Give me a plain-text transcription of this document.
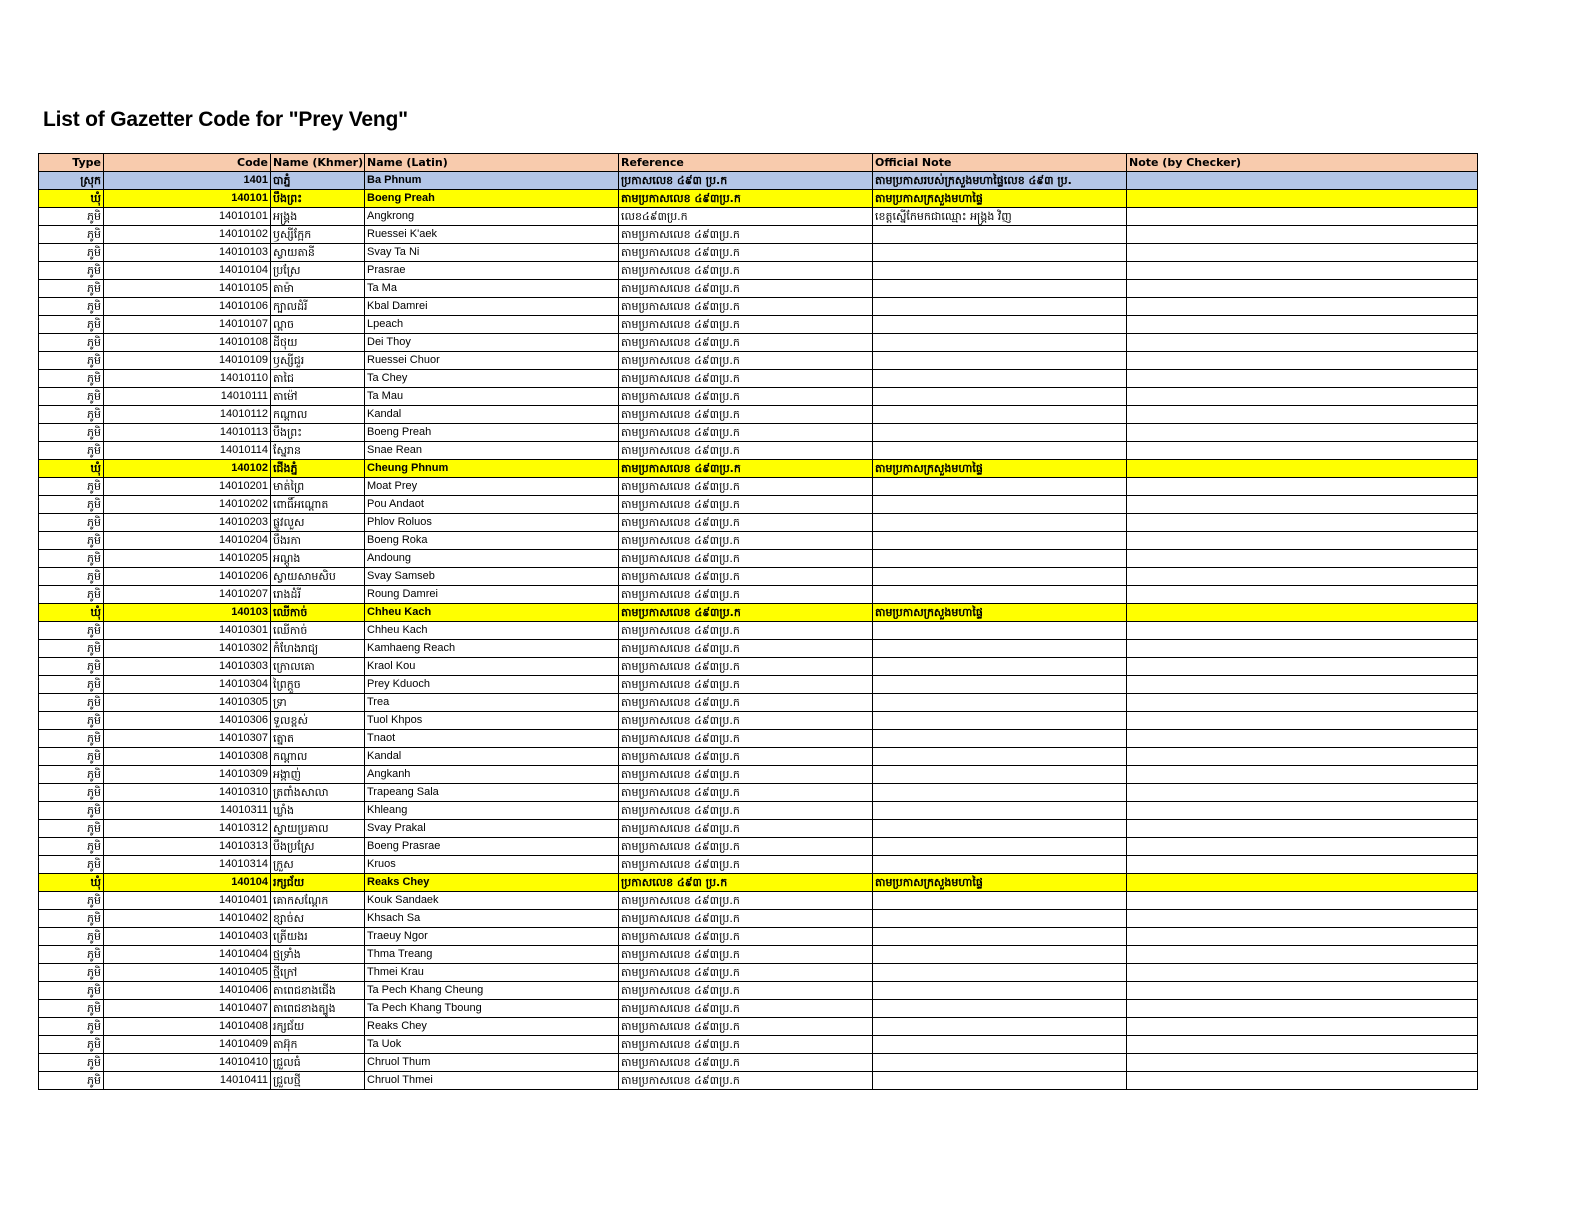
List of Gazetter Code for "Prey Veng"
Type	Code	Name (Khmer)	Name (Latin)	Reference	Official Note	Note (by Checker)
ស្រុក	1401	បាភ្នំ	Ba Phnum	ប្រកាសលេខ ៤៩៣ ប្រ.ក	តាមប្រកាសរបស់ក្រសួងមហាផ្ទៃលេខ ៤៩៣ ប្រ.	
ឃុំ	140101	បឹងព្រះ	Boeng Preah	តាមប្រកាសលេខ ៤៩៣ប្រ.ក	តាមប្រកាសក្រសួងមហាផ្ទៃ	
ភូមិ	14010101	អង្គ្រង	Angkrong	លេខ៤៩៣ប្រ.ក	ខេត្តស្នើកែមកជាឈ្មោះ អង្គ្រង វិញ	
ភូមិ	14010102	ឫស្សីក្អែក	Ruessei K'aek	តាមប្រកាសលេខ ៤៩៣ប្រ.ក		
ភូមិ	14010103	ស្វាយតានី	Svay Ta Ni	តាមប្រកាសលេខ ៤៩៣ប្រ.ក		
ភូមិ	14010104	ប្រស្រែ	Prasrae	តាមប្រកាសលេខ ៤៩៣ប្រ.ក		
ភូមិ	14010105	តាម៉ា	Ta Ma	តាមប្រកាសលេខ ៤៩៣ប្រ.ក		
ភូមិ	14010106	ក្បាលដំរី	Kbal Damrei	តាមប្រកាសលេខ ៤៩៣ប្រ.ក		
ភូមិ	14010107	ល្ពាច	Lpeach	តាមប្រកាសលេខ ៤៩៣ប្រ.ក		
ភូមិ	14010108	ដីថុយ	Dei Thoy	តាមប្រកាសលេខ ៤៩៣ប្រ.ក		
ភូមិ	14010109	ឫស្សីជួរ	Ruessei Chuor	តាមប្រកាសលេខ ៤៩៣ប្រ.ក		
ភូមិ	14010110	តាជៃ	Ta Chey	តាមប្រកាសលេខ ៤៩៣ប្រ.ក		
ភូមិ	14010111	តាម៉ៅ	Ta Mau	តាមប្រកាសលេខ ៤៩៣ប្រ.ក		
ភូមិ	14010112	កណ្ដាល	Kandal	តាមប្រកាសលេខ ៤៩៣ប្រ.ក		
ភូមិ	14010113	បឹងព្រះ	Boeng Preah	តាមប្រកាសលេខ ៤៩៣ប្រ.ក		
ភូមិ	14010114	ស្នែរាន	Snae Rean	តាមប្រកាសលេខ ៤៩៣ប្រ.ក		
ឃុំ	140102	ជើងភ្នំ	Cheung Phnum	តាមប្រកាសលេខ ៤៩៣ប្រ.ក	តាមប្រកាសក្រសួងមហាផ្ទៃ	
ភូមិ	14010201	មាត់ព្រៃ	Moat Prey	តាមប្រកាសលេខ ៤៩៣ប្រ.ក		
ភូមិ	14010202	ពោធិ៍អណ្ដោត	Pou Andaot	តាមប្រកាសលេខ ៤៩៣ប្រ.ក		
ភូមិ	14010203	ផ្លូវលួស	Phlov Roluos	តាមប្រកាសលេខ ៤៩៣ប្រ.ក		
ភូមិ	14010204	បឹងរកា	Boeng Roka	តាមប្រកាសលេខ ៤៩៣ប្រ.ក		
ភូមិ	14010205	អណ្ដូង	Andoung	តាមប្រកាសលេខ ៤៩៣ប្រ.ក		
ភូមិ	14010206	ស្វាយសាមសិប	Svay Samseb	តាមប្រកាសលេខ ៤៩៣ប្រ.ក		
ភូមិ	14010207	រោងដំរី	Roung Damrei	តាមប្រកាសលេខ ៤៩៣ប្រ.ក		
ឃុំ	140103	ឈើកាច់	Chheu Kach	តាមប្រកាសលេខ ៤៩៣ប្រ.ក	តាមប្រកាសក្រសួងមហាផ្ទៃ	
ភូមិ	14010301	ឈើកាច់	Chheu Kach	តាមប្រកាសលេខ ៤៩៣ប្រ.ក		
ភូមិ	14010302	កំហែងរាជ្យ	Kamhaeng Reach	តាមប្រកាសលេខ ៤៩៣ប្រ.ក		
ភូមិ	14010303	ក្រោលគោ	Kraol Kou	តាមប្រកាសលេខ ៤៩៣ប្រ.ក		
ភូមិ	14010304	ព្រៃក្ដួច	Prey Kduoch	តាមប្រកាសលេខ ៤៩៣ប្រ.ក		
ភូមិ	14010305	ទ្រា	Trea	តាមប្រកាសលេខ ៤៩៣ប្រ.ក		
ភូមិ	14010306	ទួលខ្ពស់	Tuol Khpos	តាមប្រកាសលេខ ៤៩៣ប្រ.ក		
ភូមិ	14010307	ត្នោត	Tnaot	តាមប្រកាសលេខ ៤៩៣ប្រ.ក		
ភូមិ	14010308	កណ្ដាល	Kandal	តាមប្រកាសលេខ ៤៩៣ប្រ.ក		
ភូមិ	14010309	អង្កាញ់	Angkanh	តាមប្រកាសលេខ ៤៩៣ប្រ.ក		
ភូមិ	14010310	ត្រពាំងសាលា	Trapeang Sala	តាមប្រកាសលេខ ៤៩៣ប្រ.ក		
ភូមិ	14010311	ឃ្លាំង	Khleang	តាមប្រកាសលេខ ៤៩៣ប្រ.ក		
ភូមិ	14010312	ស្វាយប្រគាល	Svay Prakal	តាមប្រកាសលេខ ៤៩៣ប្រ.ក		
ភូមិ	14010313	បឹងប្រស្រែ	Boeng Prasrae	តាមប្រកាសលេខ ៤៩៣ប្រ.ក		
ភូមិ	14010314	ក្រួស	Kruos	តាមប្រកាសលេខ ៤៩៣ប្រ.ក		
ឃុំ	140104	រក្សជ័យ	Reaks Chey	ប្រកាសលេខ ៤៩៣ ប្រ.ក	តាមប្រកាសក្រសួងមហាផ្ទៃ	
ភូមិ	14010401	គោកសណ្ដែក	Kouk Sandaek	តាមប្រកាសលេខ ៤៩៣ប្រ.ក		
ភូមិ	14010402	ខ្សាច់ស	Khsach Sa	តាមប្រកាសលេខ ៤៩៣ប្រ.ក		
ភូមិ	14010403	ត្រើយងរ	Traeuy Ngor	តាមប្រកាសលេខ ៤៩៣ប្រ.ក		
ភូមិ	14010404	ថ្មទ្រាំង	Thma Treang	តាមប្រកាសលេខ ៤៩៣ប្រ.ក		
ភូមិ	14010405	ថ្មីក្រៅ	Thmei Krau	តាមប្រកាសលេខ ៤៩៣ប្រ.ក		
ភូមិ	14010406	តាពេជខាងជើង	Ta Pech Khang Cheung	តាមប្រកាសលេខ ៤៩៣ប្រ.ក		
ភូមិ	14010407	តាពេជខាងត្បូង	Ta Pech Khang Tboung	តាមប្រកាសលេខ ៤៩៣ប្រ.ក		
ភូមិ	14010408	រក្សជ័យ	Reaks Chey	តាមប្រកាសលេខ ៤៩៣ប្រ.ក		
ភូមិ	14010409	តាអ៊ុក	Ta Uok	តាមប្រកាសលេខ ៤៩៣ប្រ.ក		
ភូមិ	14010410	ជ្រួលធំ	Chruol Thum	តាមប្រកាសលេខ ៤៩៣ប្រ.ក		
ភូមិ	14010411	ជ្រួលថ្មី	Chruol Thmei	តាមប្រកាសលេខ ៤៩៣ប្រ.ក		
